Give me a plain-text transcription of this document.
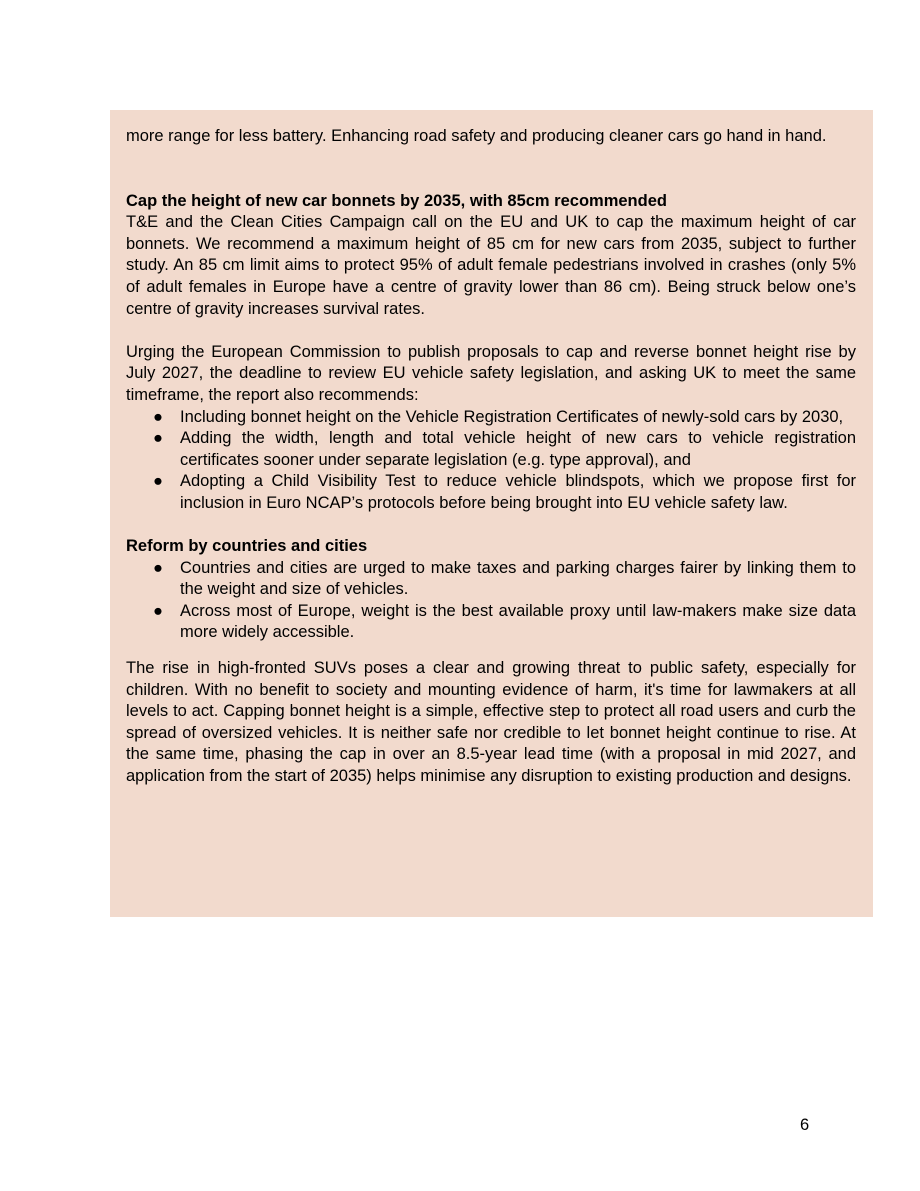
more range for less battery. Enhancing road safety and producing cleaner cars go hand in hand.

Cap the height of new car bonnets by 2035, with 85cm recommended

T&E and the Clean Cities Campaign call on the EU and UK to cap the maximum height of car bonnets. We recommend a maximum height of 85 cm for new cars from 2035, subject to further study. An 85 cm limit aims to protect 95% of adult female pedestrians involved in crashes (only 5% of adult females in Europe have a centre of gravity lower than 86 cm). Being struck below one’s centre of gravity increases survival rates.

Urging the European Commission to publish proposals to cap and reverse bonnet height rise by July 2027, the deadline to review EU vehicle safety legislation, and asking UK to meet the same timeframe, the report also recommends:

● Including bonnet height on the Vehicle Registration Certificates of newly-sold cars by 2030,
● Adding the width, length and total vehicle height of new cars to vehicle registration certificates sooner under separate legislation (e.g. type approval), and
● Adopting a Child Visibility Test to reduce vehicle blindspots, which we propose first for inclusion in Euro NCAP’s protocols before being brought into EU vehicle safety law.

Reform by countries and cities

● Countries and cities are urged to make taxes and parking charges fairer by linking them to the weight and size of vehicles.
● Across most of Europe, weight is the best available proxy until law-makers make size data more widely accessible.

The rise in high-fronted SUVs poses a clear and growing threat to public safety, especially for children. With no benefit to society and mounting evidence of harm, it's time for lawmakers at all levels to act. Capping bonnet height is a simple, effective step to protect all road users and curb the spread of oversized vehicles. It is neither safe nor credible to let bonnet height continue to rise. At the same time, phasing the cap in over an 8.5-year lead time (with a proposal in mid 2027, and application from the start of 2035) helps minimise any disruption to existing production and designs.

6
